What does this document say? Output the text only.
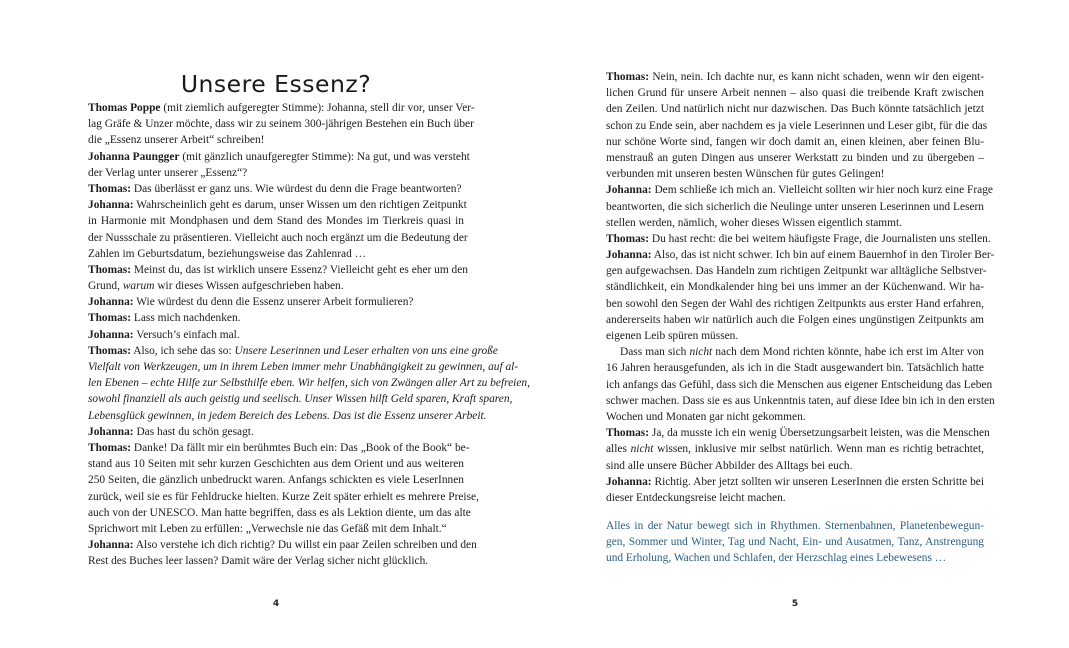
Unsere Essenz?
Thomas Poppe (mit ziemlich aufgeregter Stimme): Johanna, stell dir vor, unser Ver-
lag Gräfe & Unzer möchte, dass wir zu seinem 300-jährigen Bestehen ein Buch über
die „Essenz unserer Arbeit“ schreiben!
Johanna Paungger (mit gänzlich unaufgeregter Stimme): Na gut, und was versteht
der Verlag unter unserer „Essenz“?
Thomas: Das überlässt er ganz uns. Wie würdest du denn die Frage beantworten?
Johanna: Wahrscheinlich geht es darum, unser Wissen um den richtigen Zeitpunkt
in Harmonie mit Mondphasen und dem Stand des Mondes im Tierkreis quasi in
der Nussschale zu präsentieren. Vielleicht auch noch ergänzt um die Bedeutung der
Zahlen im Geburtsdatum, beziehungsweise das Zahlenrad …
Thomas: Meinst du, das ist wirklich unsere Essenz? Vielleicht geht es eher um den
Grund, warum wir dieses Wissen aufgeschrieben haben.
Johanna: Wie würdest du denn die Essenz unserer Arbeit formulieren?
Thomas: Lass mich nachdenken.
Johanna: Versuch’s einfach mal.
Thomas: Also, ich sehe das so: Unsere Leserinnen und Leser erhalten von uns eine große
Vielfalt von Werkzeugen, um in ihrem Leben immer mehr Unabhängigkeit zu gewinnen, auf al-
len Ebenen – echte Hilfe zur Selbsthilfe eben. Wir helfen, sich von Zwängen aller Art zu befreien,
sowohl finanziell als auch geistig und seelisch. Unser Wissen hilft Geld sparen, Kraft sparen,
Lebensglück gewinnen, in jedem Bereich des Lebens. Das ist die Essenz unserer Arbeit.
Johanna: Das hast du schön gesagt.
Thomas: Danke! Da fällt mir ein berühmtes Buch ein: Das „Book of the Book“ be-
stand aus 10 Seiten mit sehr kurzen Geschichten aus dem Orient und aus weiteren
250 Seiten, die gänzlich unbedruckt waren. Anfangs schickten es viele LeserInnen
zurück, weil sie es für Fehldrucke hielten. Kurze Zeit später erhielt es mehrere Preise,
auch von der UNESCO. Man hatte begriffen, dass es als Lektion diente, um das alte
Sprichwort mit Leben zu erfüllen: „Verwechsle nie das Gefäß mit dem Inhalt.“
Johanna: Also verstehe ich dich richtig? Du willst ein paar Zeilen schreiben und den
Rest des Buches leer lassen? Damit wäre der Verlag sicher nicht glücklich.
4
Thomas: Nein, nein. Ich dachte nur, es kann nicht schaden, wenn wir den eigent-
lichen Grund für unsere Arbeit nennen – also quasi die treibende Kraft zwischen
den Zeilen. Und natürlich nicht nur dazwischen. Das Buch könnte tatsächlich jetzt
schon zu Ende sein, aber nachdem es ja viele Leserinnen und Leser gibt, für die das
nur schöne Worte sind, fangen wir doch damit an, einen kleinen, aber feinen Blu-
menstrauß an guten Dingen aus unserer Werkstatt zu binden und zu übergeben –
verbunden mit unseren besten Wünschen für gutes Gelingen!
Johanna: Dem schließe ich mich an. Vielleicht sollten wir hier noch kurz eine Frage
beantworten, die sich sicherlich die Neulinge unter unseren Leserinnen und Lesern
stellen werden, nämlich, woher dieses Wissen eigentlich stammt.
Thomas: Du hast recht: die bei weitem häufigste Frage, die Journalisten uns stellen.
Johanna: Also, das ist nicht schwer. Ich bin auf einem Bauernhof in den Tiroler Ber-
gen aufgewachsen. Das Handeln zum richtigen Zeitpunkt war alltägliche Selbstver-
ständlichkeit, ein Mondkalender hing bei uns immer an der Küchenwand. Wir ha-
ben sowohl den Segen der Wahl des richtigen Zeitpunkts aus erster Hand erfahren,
andererseits haben wir natürlich auch die Folgen eines ungünstigen Zeitpunkts am
eigenen Leib spüren müssen.
Dass man sich nicht nach dem Mond richten könnte, habe ich erst im Alter von
16 Jahren herausgefunden, als ich in die Stadt ausgewandert bin. Tatsächlich hatte
ich anfangs das Gefühl, dass sich die Menschen aus eigener Entscheidung das Leben
schwer machen. Dass sie es aus Unkenntnis taten, auf diese Idee bin ich in den ersten
Wochen und Monaten gar nicht gekommen.
Thomas: Ja, da musste ich ein wenig Übersetzungsarbeit leisten, was die Menschen
alles nicht wissen, inklusive mir selbst natürlich. Wenn man es richtig betrachtet,
sind alle unsere Bücher Abbilder des Alltags bei euch.
Johanna: Richtig. Aber jetzt sollten wir unseren LeserInnen die ersten Schritte bei
dieser Entdeckungsreise leicht machen.
Alles in der Natur bewegt sich in Rhythmen. Sternenbahnen, Planetenbewegun-
gen, Sommer und Winter, Tag und Nacht, Ein- und Ausatmen, Tanz, Anstrengung
und Erholung, Wachen und Schlafen, der Herzschlag eines Lebewesens …
5
